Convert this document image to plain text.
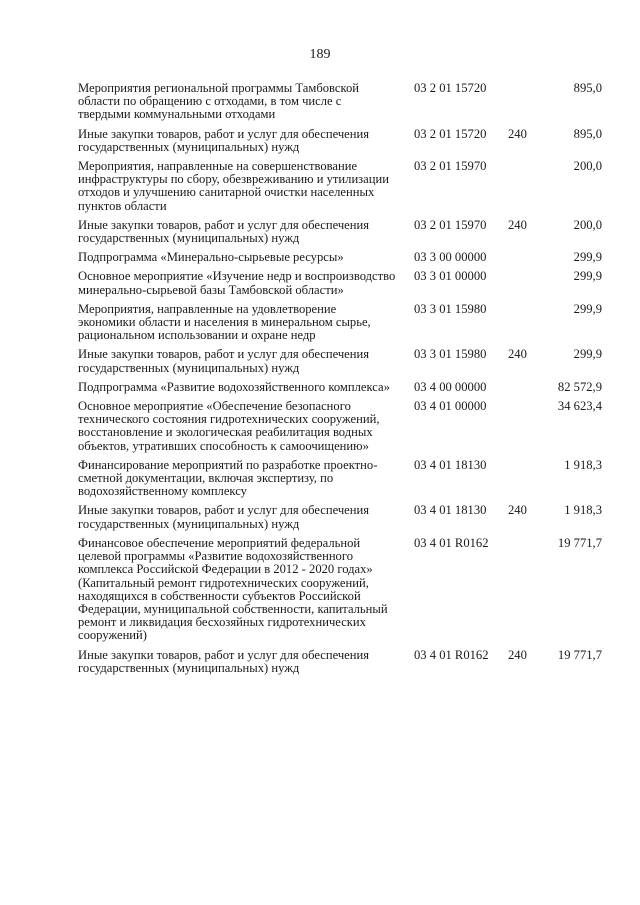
189
Мероприятия региональной программы Тамбовской области по обращению с отходами, в том числе с твердыми коммунальными отходами	03 2 01 15720		895,0
Иные закупки товаров, работ и услуг для обеспечения государственных (муниципальных) нужд	03 2 01 15720	240	895,0
Мероприятия, направленные на совершенствование инфраструктуры по сбору, обезвреживанию и утилизации отходов и улучшению санитарной очистки населенных пунктов области	03 2 01 15970		200,0
Иные закупки товаров, работ и услуг для обеспечения государственных (муниципальных) нужд	03 2 01 15970	240	200,0
Подпрограмма «Минерально-сырьевые ресурсы»	03 3 00 00000		299,9
Основное мероприятие «Изучение недр и воспроизводство минерально-сырьевой базы Тамбовской области»	03 3 01 00000		299,9
Мероприятия, направленные на удовлетворение экономики области и населения в минеральном сырье, рациональном использовании и охране недр	03 3 01 15980		299,9
Иные закупки товаров, работ и услуг для обеспечения государственных (муниципальных) нужд	03 3 01 15980	240	299,9
Подпрограмма «Развитие водохозяйственного комплекса»	03 4 00 00000		82 572,9
Основное мероприятие «Обеспечение безопасного технического состояния гидротехнических сооружений, восстановление и экологическая реабилитация водных объектов, утративших способность к самоочищению»	03 4 01 00000		34 623,4
Финансирование мероприятий по разработке проектно-сметной документации, включая экспертизу, по водохозяйственному комплексу	03 4 01 18130		1 918,3
Иные закупки товаров, работ и услуг для обеспечения государственных (муниципальных) нужд	03 4 01 18130	240	1 918,3
Финансовое обеспечение мероприятий федеральной целевой программы «Развитие водохозяйственного комплекса Российской Федерации в 2012 - 2020 годах» (Капитальный ремонт гидротехнических сооружений, находящихся в собственности субъектов Российской Федерации, муниципальной собственности, капитальный ремонт и ликвидация бесхозяйных гидротехнических сооружений)	03 4 01 R0162		19 771,7
Иные закупки товаров, работ и услуг для обеспечения государственных (муниципальных) нужд	03 4 01 R0162	240	19 771,7
